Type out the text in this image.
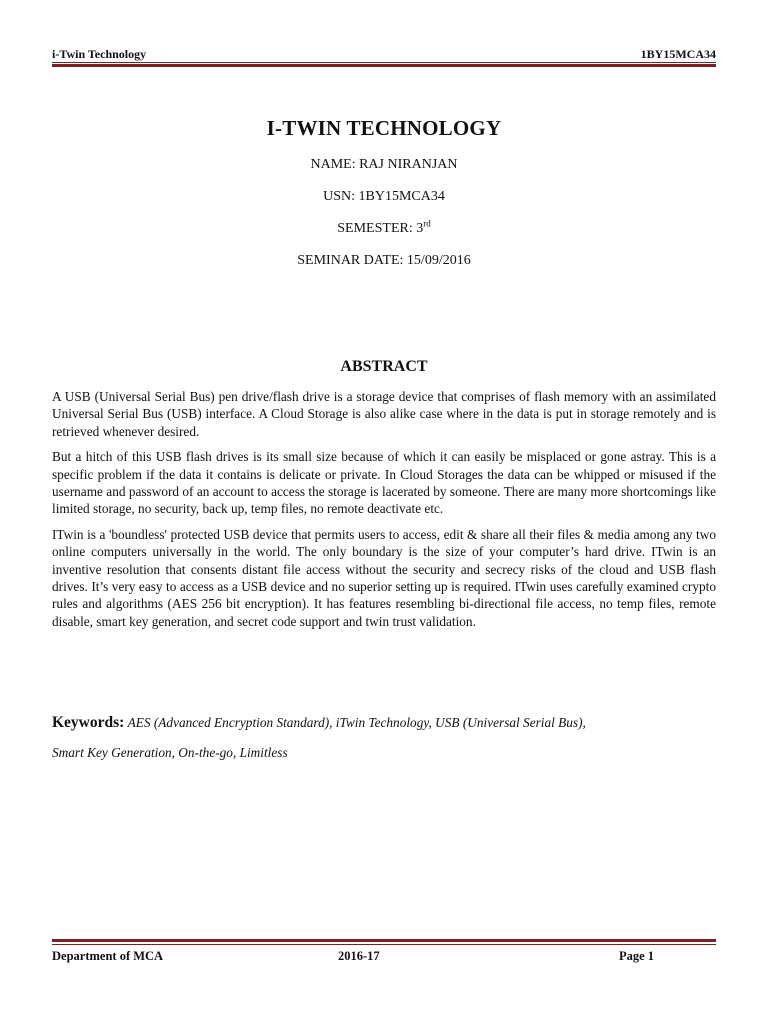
i-Twin Technology	1BY15MCA34
I-TWIN TECHNOLOGY
NAME: RAJ NIRANJAN
USN: 1BY15MCA34
SEMESTER: 3rd
SEMINAR DATE: 15/09/2016
ABSTRACT

A USB (Universal Serial Bus) pen drive/flash drive is a storage device that comprises of flash memory with an assimilated Universal Serial Bus (USB) interface. A Cloud Storage is also alike case where in the data is put in storage remotely and is retrieved whenever desired.

But a hitch of this USB flash drives is its small size because of which it can easily be misplaced or gone astray. This is a specific problem if the data it contains is delicate or private. In Cloud Storages the data can be whipped or misused if the username and password of an account to access the storage is lacerated by someone. There are many more shortcomings like limited storage, no security, back up, temp files, no remote deactivate etc.

ITwin is a 'boundless' protected USB device that permits users to access, edit & share all their files & media among any two online computers universally in the world. The only boundary is the size of your computer’s hard drive. ITwin is an inventive resolution that consents distant file access without the security and secrecy risks of the cloud and USB flash drives. It’s very easy to access as a USB device and no superior setting up is required. ITwin uses carefully examined crypto rules and algorithms (AES 256 bit encryption). It has features resembling bi-directional file access, no temp files, remote disable, smart key generation, and secret code support and twin trust validation.

Keywords: AES (Advanced Encryption Standard), iTwin Technology, USB (Universal Serial Bus),
Smart Key Generation, On-the-go, Limitless
Department of MCA	2016-17	Page 1
